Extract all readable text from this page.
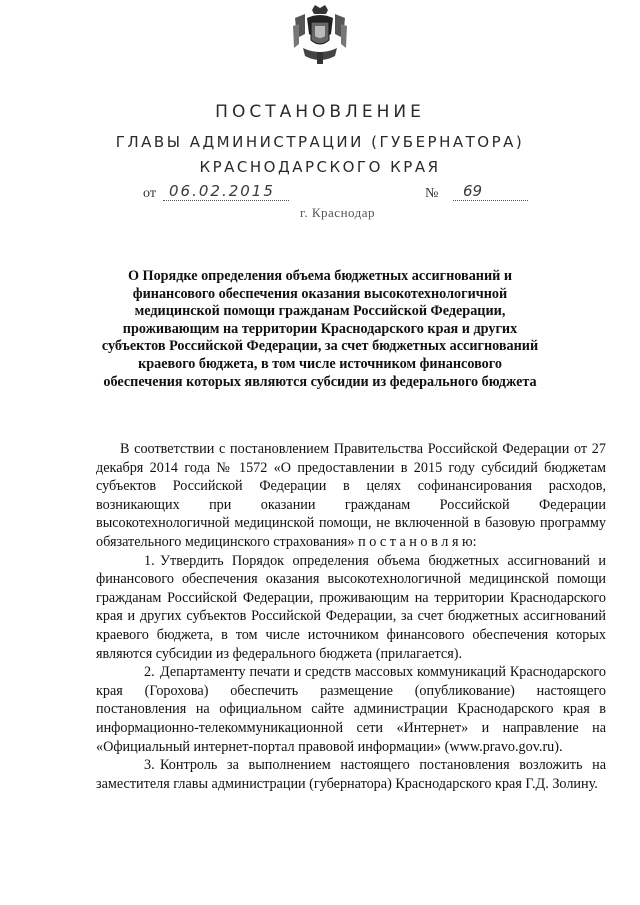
ПОСТАНОВЛЕНИЕ
ГЛАВЫ АДМИНИСТРАЦИИ (ГУБЕРНАТОРА)
КРАСНОДАРСКОГО КРАЯ
от 06.02.2015	№	69
г. Краснодар
О Порядке определения объема бюджетных ассигнований и финансового обеспечения оказания высокотехнологичной медицинской помощи гражданам Российской Федерации, проживающим на территории Краснодарского края и других субъектов Российской Федерации, за счет бюджетных ассигнований краевого бюджета, в том числе источником финансового обеспечения которых являются субсидии из федерального бюджета

В соответствии с постановлением Правительства Российской Федерации от 27 декабря 2014 года № 1572 «О предоставлении в 2015 году субсидий бюджетам субъектов Российской Федерации в целях софинансирования расходов, возникающих при оказании гражданам Российской Федерации высокотехнологичной медицинской помощи, не включенной в базовую программу обязательного медицинского страхования» п о с т а н о в л я ю:

1. Утвердить Порядок определения объема бюджетных ассигнований и финансового обеспечения оказания высокотехнологичной медицинской помощи гражданам Российской Федерации, проживающим на территории Краснодарского края и других субъектов Российской Федерации, за счет бюджетных ассигнований краевого бюджета, в том числе источником финансового обеспечения которых являются субсидии из федерального бюджета (прилагается).

2. Департаменту печати и средств массовых коммуникаций Краснодарского края (Горохова) обеспечить размещение (опубликование) настоящего постановления на официальном сайте администрации Краснодарского края в информационно-телекоммуникационной сети «Интернет» и направление на «Официальный интернет-портал правовой информации» (www.pravo.gov.ru).

3. Контроль за выполнением настоящего постановления возложить на заместителя главы администрации (губернатора) Краснодарского края Г.Д. Золину.
